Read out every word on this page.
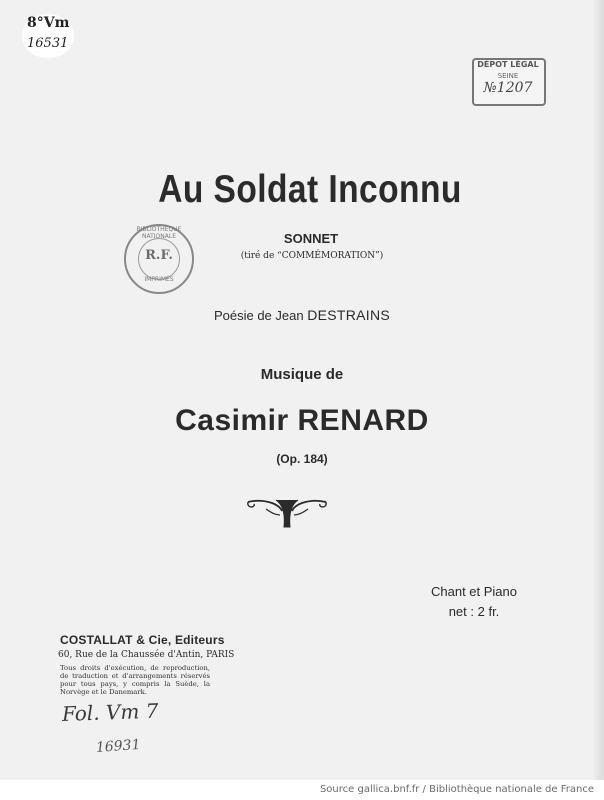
8°Vm
16531
DÉPOT LÉGAL
SEINE
№1207
BIBLIOTHÈQUE NATIONALE
R.F.
IMPRIMÉS
Au Soldat Inconnu
SONNET
(tiré de “COMMÉMORATION”)
Poésie de Jean DESTRAINS
Musique de
Casimir RENARD
(Op. 184)
Chant et Piano
net : 2 fr.
COSTALLAT & Cie, Editeurs
60, Rue de la Chaussée d'Antin, PARIS
Tous droits d'exécution, de reproduction,
de traduction et d'arrangements réservés
pour tous pays, y compris la Suède, la
Norvège et le Danemark.
Fol. Vm 7
16931
Source gallica.bnf.fr / Bibliothèque nationale de France
